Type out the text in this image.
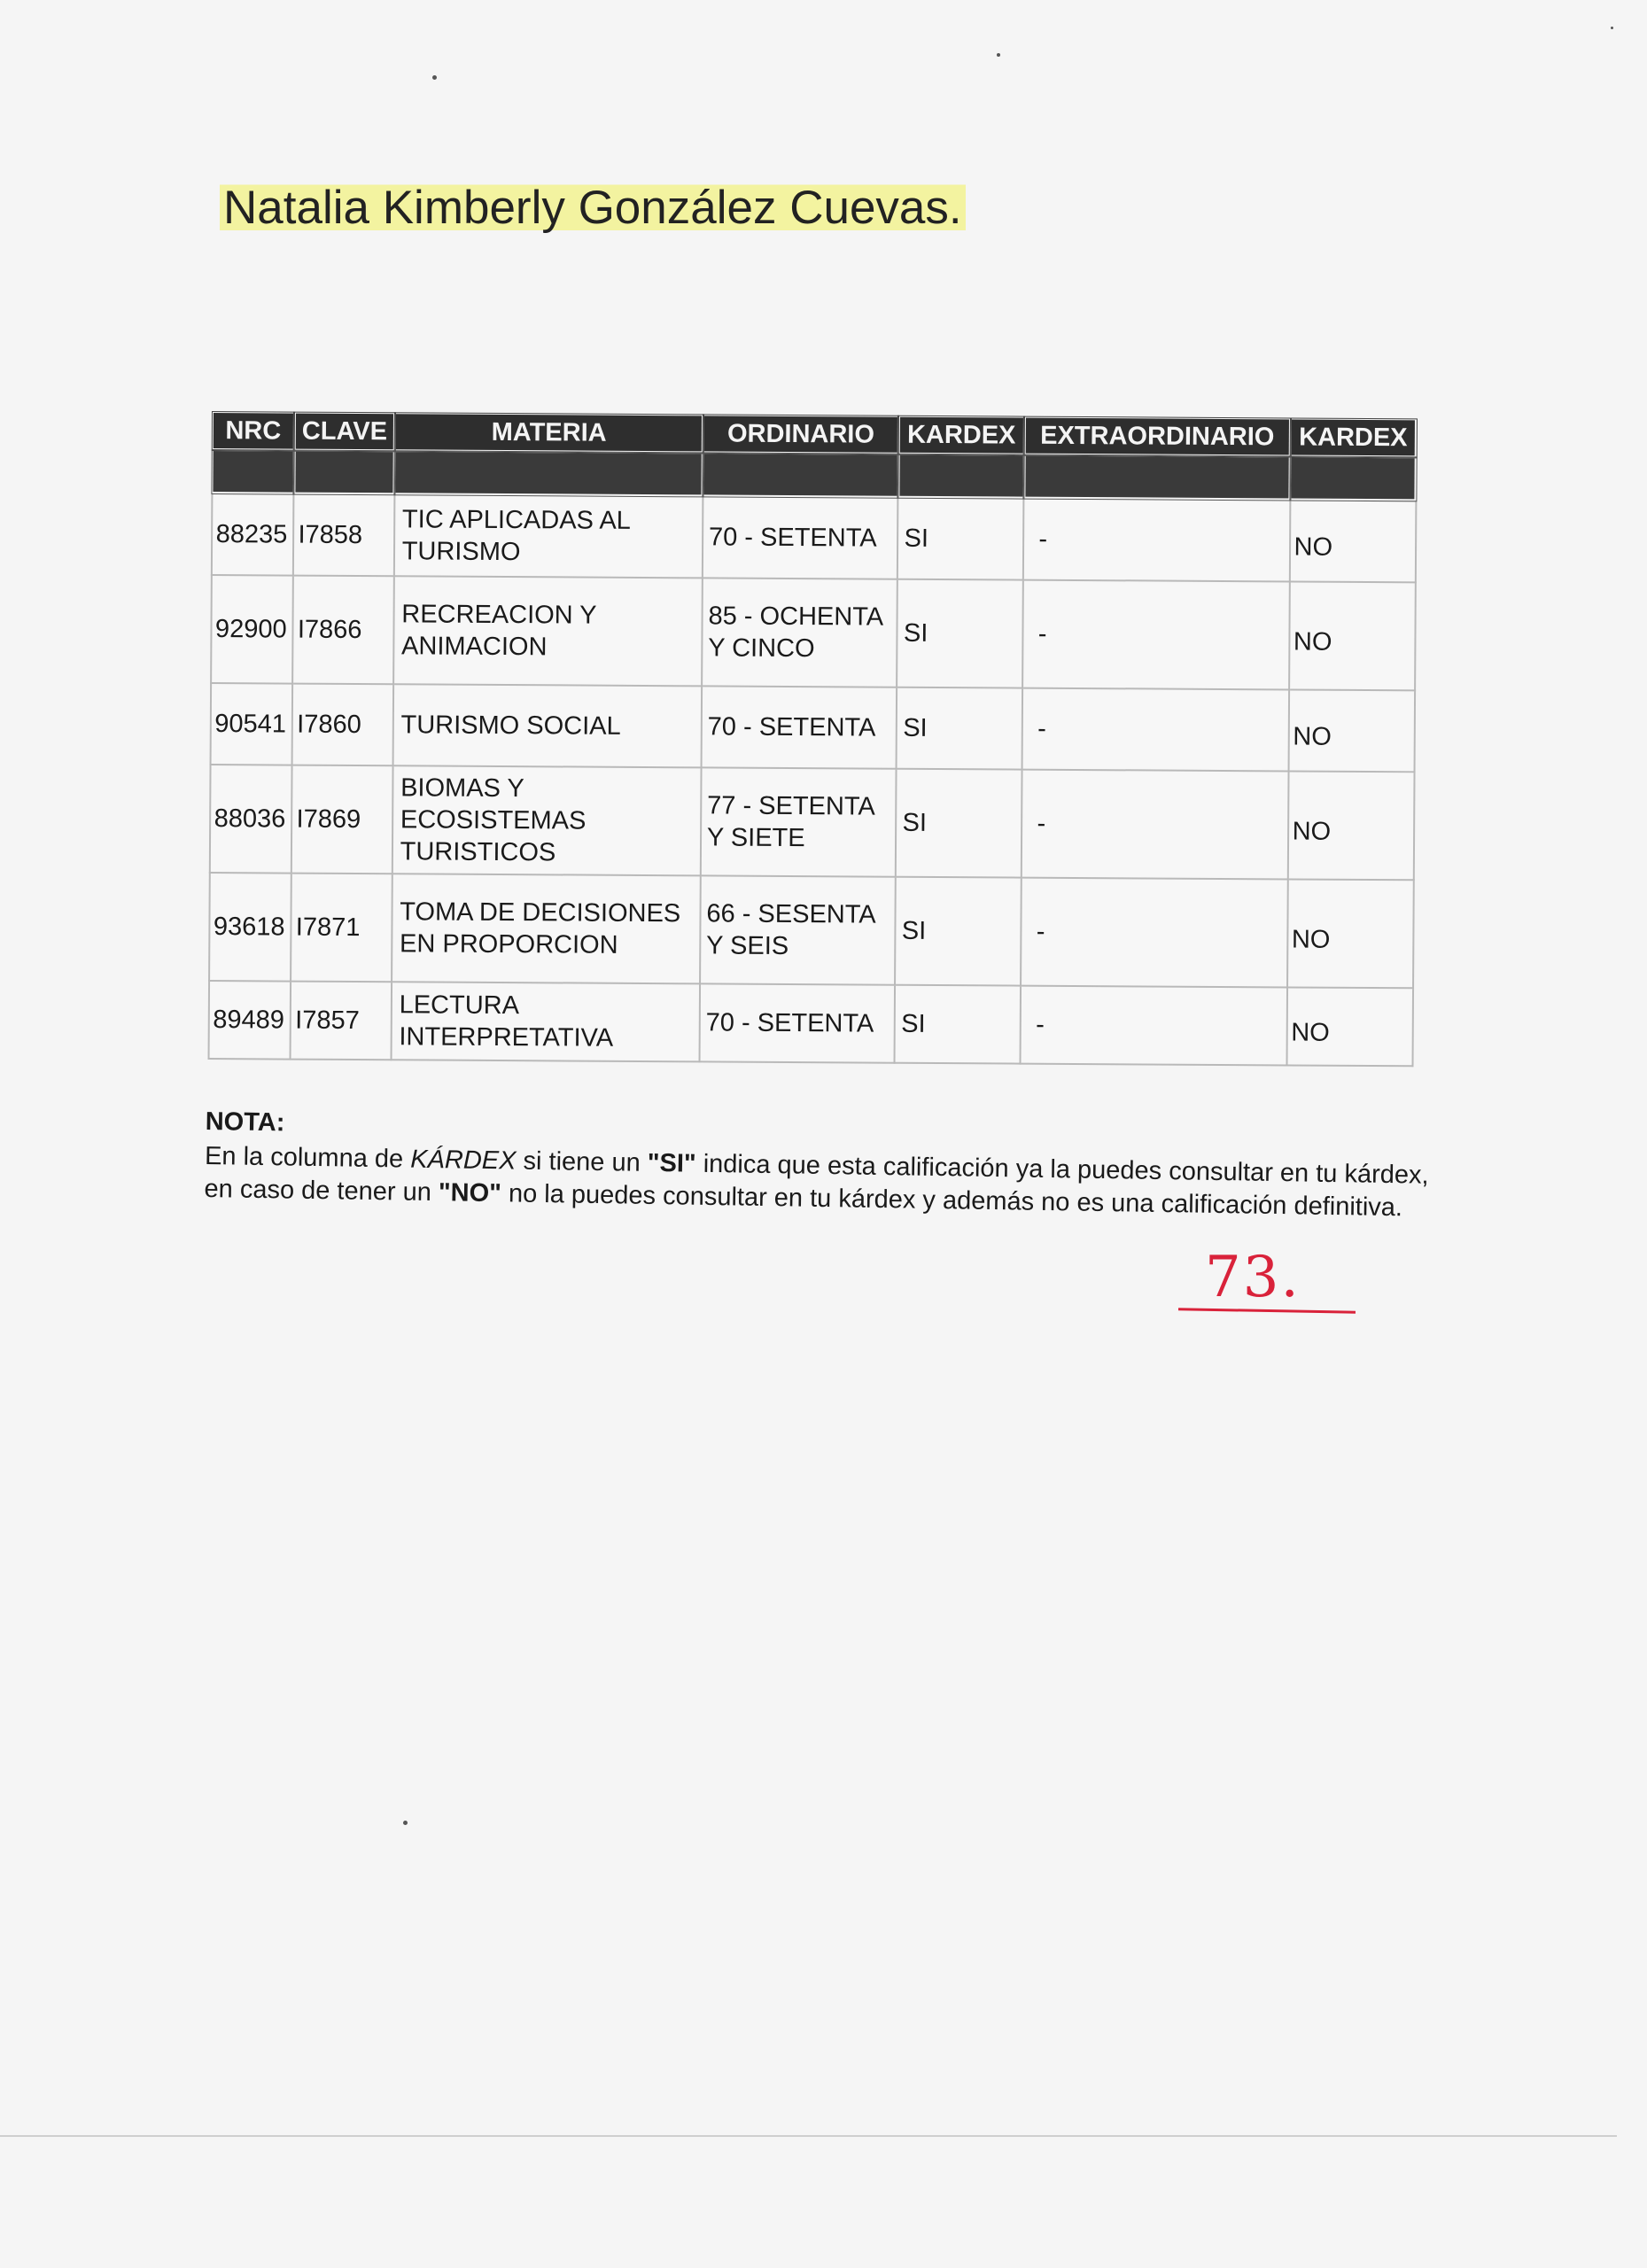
Natalia Kimberly González Cuevas.
NRC	CLAVE	MATERIA	ORDINARIO	KARDEX	EXTRAORDINARIO	KARDEX

88235	I7858	TIC APLICADAS AL TURISMO	70 - SETENTA	SI	-	NO
92900	I7866	RECREACION Y ANIMACION	85 - OCHENTA Y CINCO	SI	-	NO
90541	I7860	TURISMO SOCIAL	70 - SETENTA	SI	-	NO
88036	I7869	BIOMAS Y ECOSISTEMAS TURISTICOS	77 - SETENTA Y SIETE	SI	-	NO
93618	I7871	TOMA DE DECISIONES EN PROPORCION	66 - SESENTA Y SEIS	SI	-	NO
89489	I7857	LECTURA INTERPRETATIVA	70 - SETENTA	SI	-	NO
NOTA:

En la columna de KÁRDEX si tiene un "SI" indica que esta calificación ya la puedes consultar en tu kárdex, en caso de tener un "NO" no la puedes consultar en tu kárdex y además no es una calificación definitiva.

73.
